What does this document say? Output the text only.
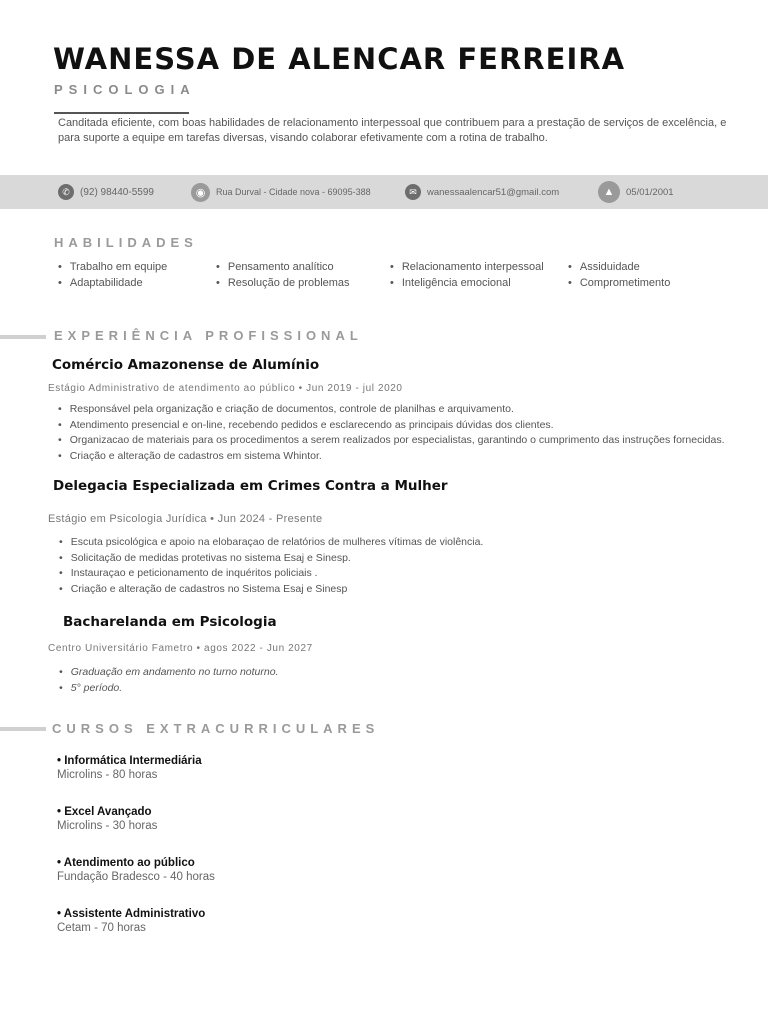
WANESSA DE ALENCAR FERREIRA
PSICOLOGIA
Canditada eficiente, com boas habilidades de relacionamento interpessoal que contribuem para a prestação de serviços de excelência, e para suporte a equipe em tarefas diversas, visando colaborar efetivamente com a rotina de trabalho.
✆	(92) 98440-5599	◉	Rua Durval - Cidade nova - 69095-388	✉	wanessaalencar51@gmail.com	▲	05/01/2001
HABILIDADES
• Trabalho em equipe
• Adaptabilidade
• Pensamento analítico
• Resolução de problemas
• Relacionamento interpessoal
• Inteligência emocional
• Assiduidade
• Comprometimento
EXPERIÊNCIA PROFISSIONAL
Comércio Amazonense de Alumínio
Estágio Administrativo de atendimento ao público • Jun 2019 - jul 2020
• Responsável pela organização e criação de documentos, controle de planilhas e arquivamento.
• Atendimento presencial e on-line, recebendo pedidos e esclarecendo as principais dúvidas dos clientes.
• Organizacao de materiais para os procedimentos a serem realizados por especialistas, garantindo o cumprimento das instruções fornecidas.
• Criação e alteração de cadastros em sistema Whintor.
Delegacia Especializada em Crimes Contra a Mulher
Estágio em Psicologia Jurídica • Jun 2024 - Presente
• Escuta psicológica e apoio na elobaraçao de relatórios de mulheres vítimas de violência.
• Solicitação de medidas protetivas no sistema Esaj e Sinesp.
• Instauraçao e peticionamento de inquéritos policiais .
• Criação e alteração de cadastros no Sistema Esaj e Sinesp
Bacharelanda em Psicologia
Centro Universitário Fametro • agos 2022 - Jun 2027
• Graduação em andamento no turno noturno.
• 5° período.
CURSOS EXTRACURRICULARES
• Informática Intermediária
Microlins - 80 horas
• Excel Avançado
Microlins - 30 horas
• Atendimento ao público
Fundação Bradesco - 40 horas
• Assistente Administrativo
Cetam - 70 horas
